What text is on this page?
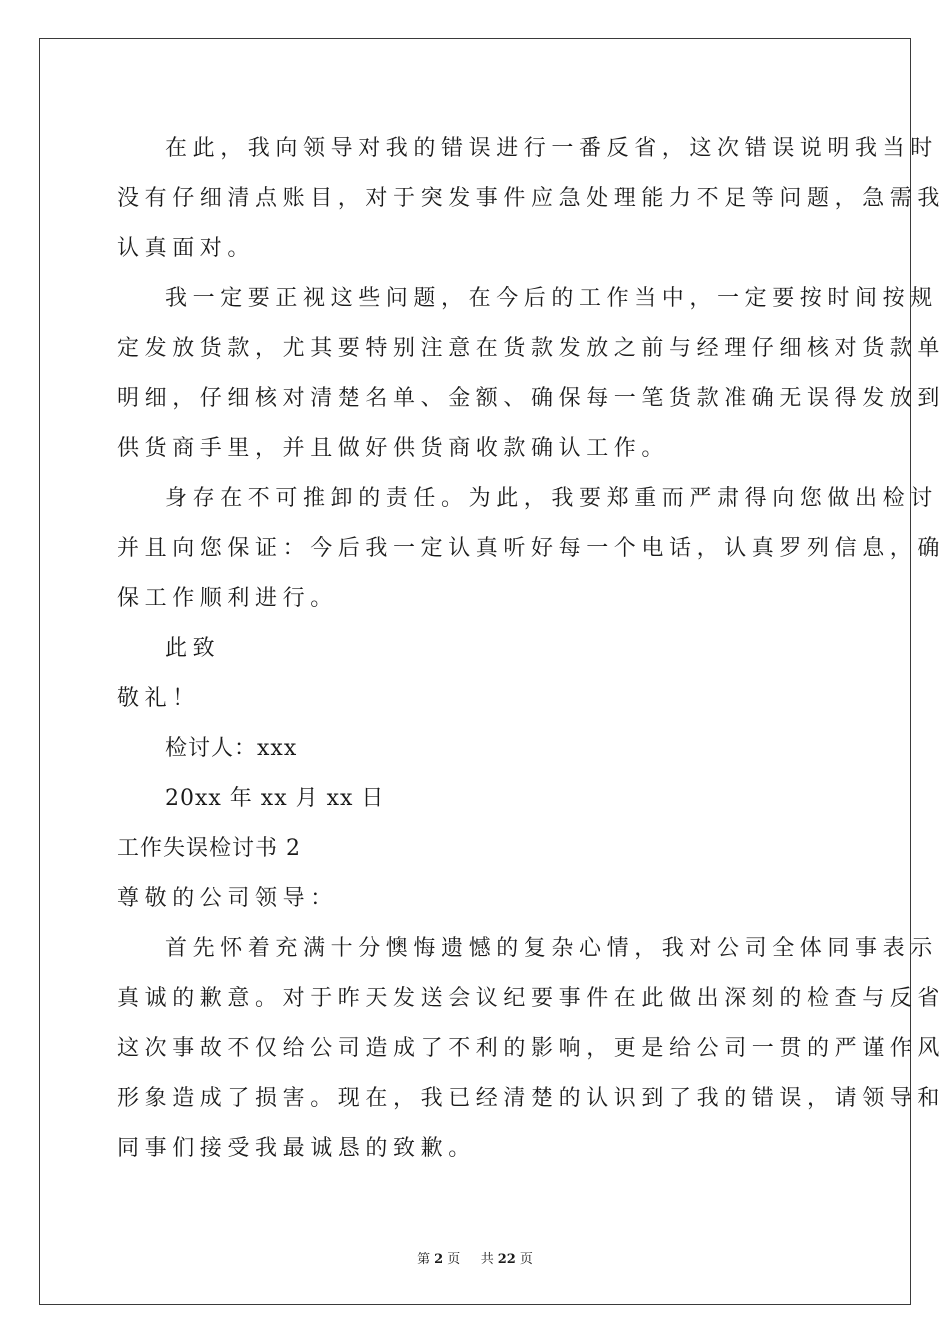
在此，我向领导对我的错误进行一番反省，这次错误说明我当时
没有仔细清点账目，对于突发事件应急处理能力不足等问题，急需我
认真面对。
我一定要正视这些问题，在今后的工作当中，一定要按时间按规
定发放货款，尤其要特别注意在货款发放之前与经理仔细核对货款单
明细，仔细核对清楚名单、金额、确保每一笔货款准确无误得发放到
供货商手里，并且做好供货商收款确认工作。
身存在不可推卸的责任。为此，我要郑重而严肃得向您做出检讨
并且向您保证：今后我一定认真听好每一个电话，认真罗列信息，确
保工作顺利进行。
此致
敬礼！
检讨人：xxx
20xx 年 xx 月 xx 日
工作失误检讨书 2
尊敬的公司领导：
首先怀着充满十分懊悔遗憾的复杂心情，我对公司全体同事表示
真诚的歉意。对于昨天发送会议纪要事件在此做出深刻的检查与反省
这次事故不仅给公司造成了不利的影响，更是给公司一贯的严谨作风
形象造成了损害。现在，我已经清楚的认识到了我的错误，请领导和
同事们接受我最诚恳的致歉。
第 2 页 共 22 页
